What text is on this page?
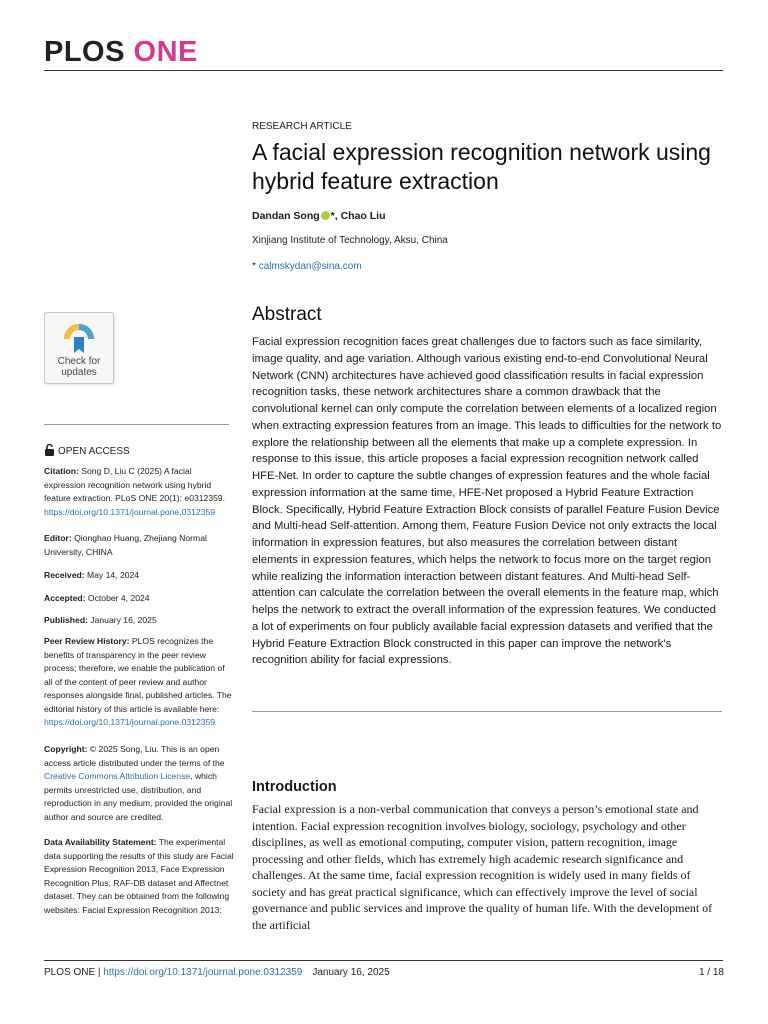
PLOS ONE
RESEARCH ARTICLE
A facial expression recognition network using hybrid feature extraction
Dandan Song *, Chao Liu
Xinjiang Institute of Technology, Aksu, China
* calmskydan@sina.com
Abstract
Facial expression recognition faces great challenges due to factors such as face similarity, image quality, and age variation. Although various existing end-to-end Convolutional Neural Network (CNN) architectures have achieved good classification results in facial expression recognition tasks, these network architectures share a common drawback that the convolutional kernel can only compute the correlation between elements of a localized region when extracting expression features from an image. This leads to difficulties for the network to explore the relationship between all the elements that make up a complete expression. In response to this issue, this article proposes a facial expression recognition network called HFE-Net. In order to capture the subtle changes of expression features and the whole facial expression information at the same time, HFE-Net proposed a Hybrid Feature Extraction Block. Specifically, Hybrid Feature Extraction Block consists of parallel Feature Fusion Device and Multi-head Self-attention. Among them, Feature Fusion Device not only extracts the local information in expression features, but also measures the correlation between distant elements in expression features, which helps the network to focus more on the target region while realizing the information interaction between distant features. And Multi-head Self-attention can calculate the correlation between the overall elements in the feature map, which helps the network to extract the overall information of the expression features. We conducted a lot of experiments on four publicly available facial expression datasets and verified that the Hybrid Feature Extraction Block constructed in this paper can improve the network’s recognition ability for facial expressions.
Introduction
Facial expression is a non-verbal communication that conveys a person’s emotional state and intention. Facial expression recognition involves biology, sociology, psychology and other disciplines, as well as emotional computing, computer vision, pattern recognition, image processing and other fields, which has extremely high academic research significance and challenges. At the same time, facial expression recognition is widely used in many fields of society and has great practical significance, which can effectively improve the level of social governance and public services and improve the quality of human life. With the development of the artificial
Check for
updates
OPEN ACCESS
Citation: Song D, Liu C (2025) A facial expression recognition network using hybrid feature extraction. PLoS ONE 20(1): e0312359. https://doi.org/10.1371/journal.pone.0312359
Editor: Qionghao Huang, Zhejiang Normal University, CHINA
Received: May 14, 2024
Accepted: October 4, 2024
Published: January 16, 2025
Peer Review History: PLOS recognizes the benefits of transparency in the peer review process; therefore, we enable the publication of all of the content of peer review and author responses alongside final, published articles. The editorial history of this article is available here: https://doi.org/10.1371/journal.pone.0312359
Copyright: © 2025 Song, Liu. This is an open access article distributed under the terms of the Creative Commons Attribution License, which permits unrestricted use, distribution, and reproduction in any medium, provided the original author and source are credited.
Data Availability Statement: The experimental data supporting the results of this study are Facial Expression Recognition 2013, Face Expression Recognition Plus, RAF-DB dataset and Affectnet dataset. They can be obtained from the following websites: Facial Expression Recognition 2013:
PLOS ONE | https://doi.org/10.1371/journal.pone.0312359 January 16, 2025	1 / 18
